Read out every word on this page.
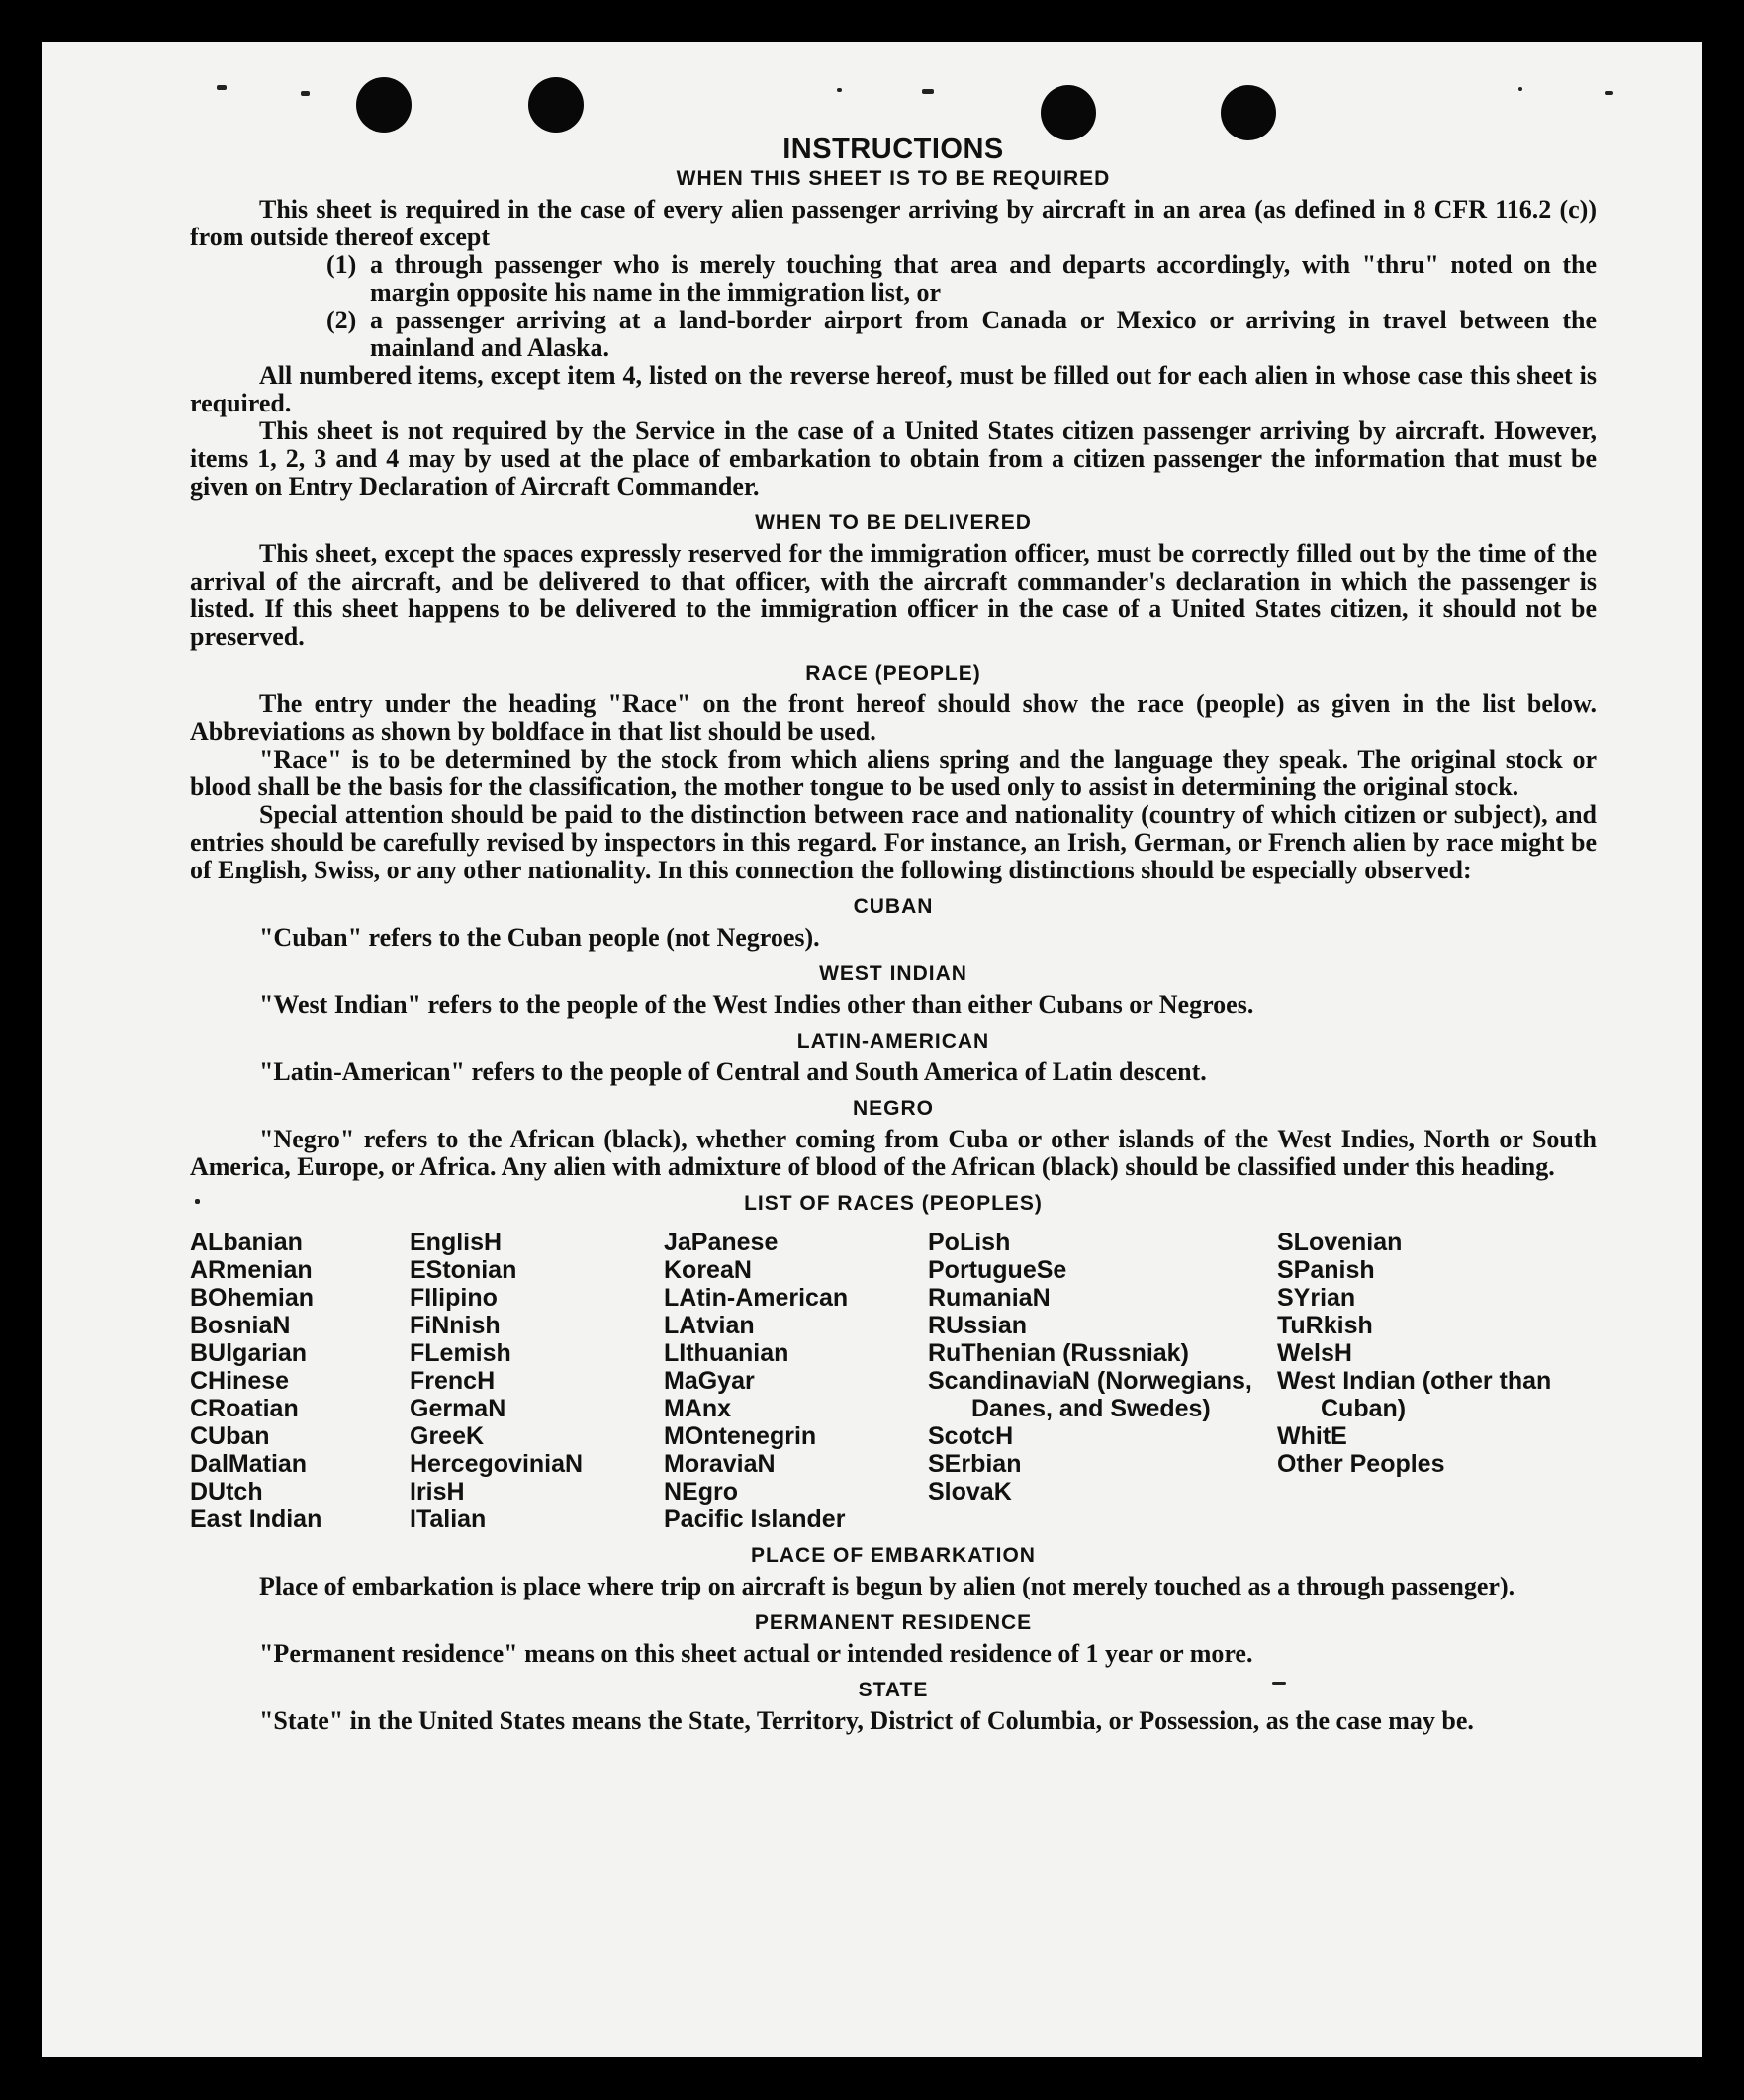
INSTRUCTIONS
WHEN THIS SHEET IS TO BE REQUIRED

This sheet is required in the case of every alien passenger arriving by aircraft in an area (as defined in 8 CFR 116.2 (c)) from outside thereof except

(1) a through passenger who is merely touching that area and departs accordingly, with "thru" noted on the margin opposite his name in the immigration list, or
(2) a passenger arriving at a land-border airport from Canada or Mexico or arriving in travel between the mainland and Alaska.

All numbered items, except item 4, listed on the reverse hereof, must be filled out for each alien in whose case this sheet is required.

This sheet is not required by the Service in the case of a United States citizen passenger arriving by aircraft. However, items 1, 2, 3 and 4 may by used at the place of embarkation to obtain from a citizen passenger the information that must be given on Entry Declaration of Aircraft Commander.

WHEN TO BE DELIVERED

This sheet, except the spaces expressly reserved for the immigration officer, must be correctly filled out by the time of the arrival of the aircraft, and be delivered to that officer, with the aircraft commander's declaration in which the passenger is listed. If this sheet happens to be delivered to the immigration officer in the case of a United States citizen, it should not be preserved.

RACE (PEOPLE)

The entry under the heading "Race" on the front hereof should show the race (people) as given in the list below. Abbreviations as shown by boldface in that list should be used.

"Race" is to be determined by the stock from which aliens spring and the language they speak. The original stock or blood shall be the basis for the classification, the mother tongue to be used only to assist in determining the original stock.

Special attention should be paid to the distinction between race and nationality (country of which citizen or subject), and entries should be carefully revised by inspectors in this regard. For instance, an Irish, German, or French alien by race might be of English, Swiss, or any other nationality. In this connection the following distinctions should be especially observed:

CUBAN

"Cuban" refers to the Cuban people (not Negroes).

WEST INDIAN

"West Indian" refers to the people of the West Indies other than either Cubans or Negroes.

LATIN-AMERICAN

"Latin-American" refers to the people of Central and South America of Latin descent.

NEGRO

"Negro" refers to the African (black), whether coming from Cuba or other islands of the West Indies, North or South America, Europe, or Africa. Any alien with admixture of blood of the African (black) should be classified under this heading.

LIST OF RACES (PEOPLES)
ALbanian
ARmenian
BOhemian
BosniaN
BUlgarian
CHinese
CRoatian
CUban
DalMatian
DUtch
East Indian
EnglisH
EStonian
FIlipino
FiNnish
FLemish
FrencH
GermaN
GreeK
HercegoviniaN
IrisH
ITalian
JaPanese
KoreaN
LAtin-American
LAtvian
LIthuanian
MaGyar
MAnx
MOntenegrin
MoraviaN
NEgro
Pacific Islander
PoLish
PortugueSe
RumaniaN
RUssian
RuThenian (Russniak)
ScandinaviaN (Norwegians, Danes, and Swedes)
ScotcH
SErbian
SlovaK
SLovenian
SPanish
SYrian
TuRkish
WelsH
West Indian (other than Cuban)
WhitE
Other Peoples
PLACE OF EMBARKATION

Place of embarkation is place where trip on aircraft is begun by alien (not merely touched as a through passenger).

PERMANENT RESIDENCE

"Permanent residence" means on this sheet actual or intended residence of 1 year or more.

STATE

"State" in the United States means the State, Territory, District of Columbia, or Possession, as the case may be.
